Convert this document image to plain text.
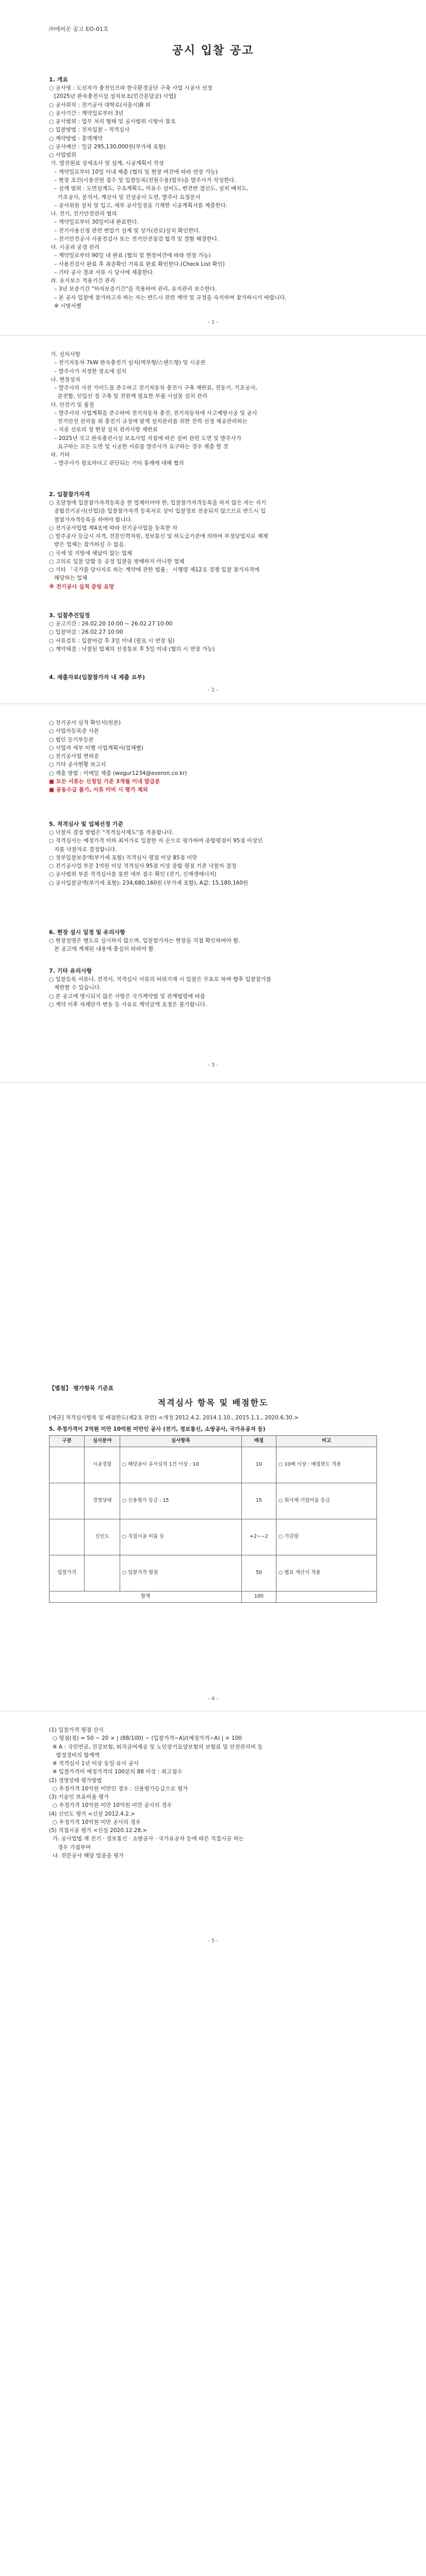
㈜에버온 공고 EO-01호
공시 입찰 공고
1. 개요
○ 공사명 : 도선자가 충전인프라 한국환경공단 구축 사업 시공사 선정
[2025년 완속충전시설 설치보조(민간분담금) 사업]
○ 공사위치 : 전기공사 대학로(서울시)B 외
○ 공사기간 : 계약일로부터 3년
○ 공사범위 : 업무 처리 형태 및 공사범위 시방서 참조
○ 입찰방법 : 전자입찰 – 적격심사
○ 계약방법 : 총액계약
○ 공사예산 : 일금 295,130,000원(부가세 포함)
○ 사업범위
가. 발전원료 상세조사 및 설계, 시공계획서 작성
– 계약일로부터 10일 이내 제출 (협의 및 현장 여건에 따라 연장 가능)
– 현장 조건(사용전원 접수 및 입찰등록(전원수용)업무)을 발주사가 작성한다.
– 설계 범위 : 도면설계도, 구조계획도, 미유수 설비도, 변전반 결선도, 설치 배치도,
기초공사, 분석서, 계산서 및 건설공사 도면, 발주사 요청문서
– 공사위원 설치 및 입고, 세부 공사일정을 기재한 시공계획서를 제출한다.
나. 전기, 전기안전관리 협의
– 계약일로부터 30일이내 완료한다.
– 전기사용신청 관련 변압기 설계 및 상가(관로)설치 확인한다.
– 전기안전공사 사용전검사 또는 전기안전점검 합격 및 결함 해결한다.
다. 시공과 공정 관리
– 계약일로부터 90일 내 완료 (협의 및 현장여건에 따라 연장 가능)
– 사용전검사 완료 후 최종확인 기록표 완료 확인한다.(Check List 확인)
– 기타 공사 결과 서류 시 당사에 제출한다.
라. 유지보수 적용기간 관리
– 3년 보증기간 "하자보증기간"을 적용하여 관리, 유지관리 보수한다.
– 본 공사 입찰에 참가하고자 하는 자는 반드시 관련 계약 및 규정을 숙지하여 참가하시기 바랍니다.
※ 시방서별
- 1 -
가. 설치사항
– 전기자동차 7kW 완속충전기 설치(벽부형/스탠드형) 및 시공관
– 발주사가 지정한 장소에 설치
나. 현장설치
– 발주사의 사전 가이드를 준수하고 전기자동차 충전시 구축 재반료, 전동기, 기초공사,
분전함, 인입선 정 구축 및 전원케 필요한 부품 시설물 설치 관리
다. 안전기 및 품질
– 발주사의 사업계획을 준수하여 전기자동차 충전, 전기자동차에 사고예방시공 및 공사
전기안전 관리를 위 충전기 규정에 맞게 설치관리를 위한 전력 선정 제공관리하는
– 지중 선로의 정 현장 설치 관리사항 재반료
– 2025년 국고 완속충전시설 보조사업 지침에 따른 설비 관련 도면 및 발주사가
요구하는 모든 도면 및 시공한 서류를 발주사가 요구하는 경우 제출 할 것
라. 기타
– 발주사가 필요하다고 판단되는 기타 통례에 대해 협의
2. 입찰참가자격
○ 조달청에 입찰참가자격등록을 한 업체이어야 한, 입찰참가자격등록을 하지 않은 자는 자기
종합전기공사(산업)을 입찰참가자격 등록자로 상이 입찰정보 전송되지 않으므로 반드시 입
찰참가자격등록을 하여야 합니다.
○ 전기공사업법 제4조에 따라 전기공사업을 등록한 자
○ 발주공사 등급시 자격, 전문인력자원, 정보통신 및 하도급기준에 의하여 부정당업자로 제재
받은 업체는 참가하실 수 없음.
○ 국세 및 지방세 체납이 없는 업체
○ 고의로 입찰 담합 등 공정 입찰을 방해하지 아니한 업체
○ 기타 「국가를 당사자로 하는 계약에 관한 법률」 시행령 제12조 경쟁 입찰 참가자격에
해당하는 업체
※ 전기공사 실적 증빙 요망
3. 입찰추진일정
○ 공고기간 : 26.02.20 10:00 ~ 26.02.27 10:00
○ 입찰마감 : 26.02.27 10:00
○ 서류검토 : 입찰마감 후 3일 이내 (필요 시 연장 됨)
○ 계약체결 : 낙찰된 업체의 선정통보 후 5일 이내 (협의 시 연장 가능)
4. 제출자료(입찰참가자 내 제출 요부)
- 2 -
○ 전기공사 실적 확인서(원본)
○ 사업자등록증 사본
○ 법인 등기부등본
○ 사업자 세부 이행 사업계획서(업체별)
○ 전기공사업 면허증
○ 기타 공사현황 보고서
○ 제출 방법 : 이메일 제출 (wogur1234@everon.co.kr)
■ 모든 서류는 신청일 기준 3개월 이내 발급분
■ 공동수급 불가, 서류 미비 시 평가 제외
5. 적격심사 및 업체선정 기준
○ 낙찰자 결정 방법은 "적격심사제도"를 적용합니다.
○ 적격심사는 예정가격 이하 최저가로 입찰한 자 순으로 평가하여 종합평점이 95점 이상인
자를 낙찰자로 결정합니다.
○ 정부입찰보증액(부가세 포함) 적격심사 평점 이상 85점 미만
○ 전기공사업 부문 1억원 이상 적격심사 95점 이상 종합 평점 기준 낙찰자 결정
○ 공사범위 부분 적격심사를 통한 세부 점수 확인 (전기, 신재생에너지)
○ 공사입찰금액(부가세 포함): 234,680,160원 (부가세 포함), A값: 15,180,160원
6. 현장 설시 일정 및 유의사항
○ 현장설명은 별도로 실시하지 않으며, 입찰참가자는 현장을 직접 확인하여야 함.
본 공고에 게재된 내용에 충실히 따라야 함.
7. 기타 유의사항
○ 입찰등록 서류나, 견적서, 적격심사 서류의 허위기재 시 입찰은 무효로 하며 향후 입찰참가를
제한할 수 있습니다.
○ 본 공고에 명시되지 않은 사항은 국가계약법 및 관계법령에 따름
○ 계약 이후 자재단가 변동 등 사유로 계약금액 조정은 불가합니다.
- 3 -
【별첨】 평가항목 기준표
적격심사 항목 및 배점한도
[예규] 적격심사항목 및 배점한도(제2조 관련) <개정 2012.4.2, 2014.1.10., 2015.1.1., 2020.6.30.>
5. 추정가격이 2억원 미만 10억원 미만인 공사 (전기, 정보통신, 소방공사, 국가유공자 등)
구분	심사분야	심사항목	배점	비고
	시공경험	○ 해당공사 유사실적 1건 이상 : 10	10	○ 10배 이상 : 배점한도 적용
	경영상태	○ 신용평가 등급 : 15	15	○ 회사채·기업어음 등급
	신인도	○ 직접시공 비율 등	+2~−2	○ 가감점
입찰가격		○ 입찰가격 평점	50	○ 별표 계산식 적용
합계			100	
- 4 -
(1) 입찰가격 평점 산식
○ 평점(점) = 50 − 20 × | (88/100) − (입찰가격−A)/(예정가격−A) | × 100
※ A : 국민연금, 건강보험, 퇴직금여제공 및 노인장기요양보험의 보험료 및 안전관리비 등
법정경비의 합계액
※ 적격심사 1년 이상 동일·유사 공사
※ 입찰가격이 예정가격의 100분의 88 이상 : 최고점수
(2) 경영상태 평가방법
○ 추정가격 10억원 미만인 경우 : 신용평가등급으로 평가
(3) 기술인 보유비율 평가
○ 추정가격 10억원 미만 10억원 미만 공사의 경우
(4) 신인도 평가 <신설 2012.4.2.>
○ 추정가격 10억원 미만 공사의 경우
(5) 직접시공 평가 <신설 2020.12.28.>
가. 공사업법 제 전기 · 정보통신 · 소방공사 · 국가유공자 등에 따른 직접시공 하는
경우 가점부여
나. 전문공사 해당 업종을 평가
- 5 -
